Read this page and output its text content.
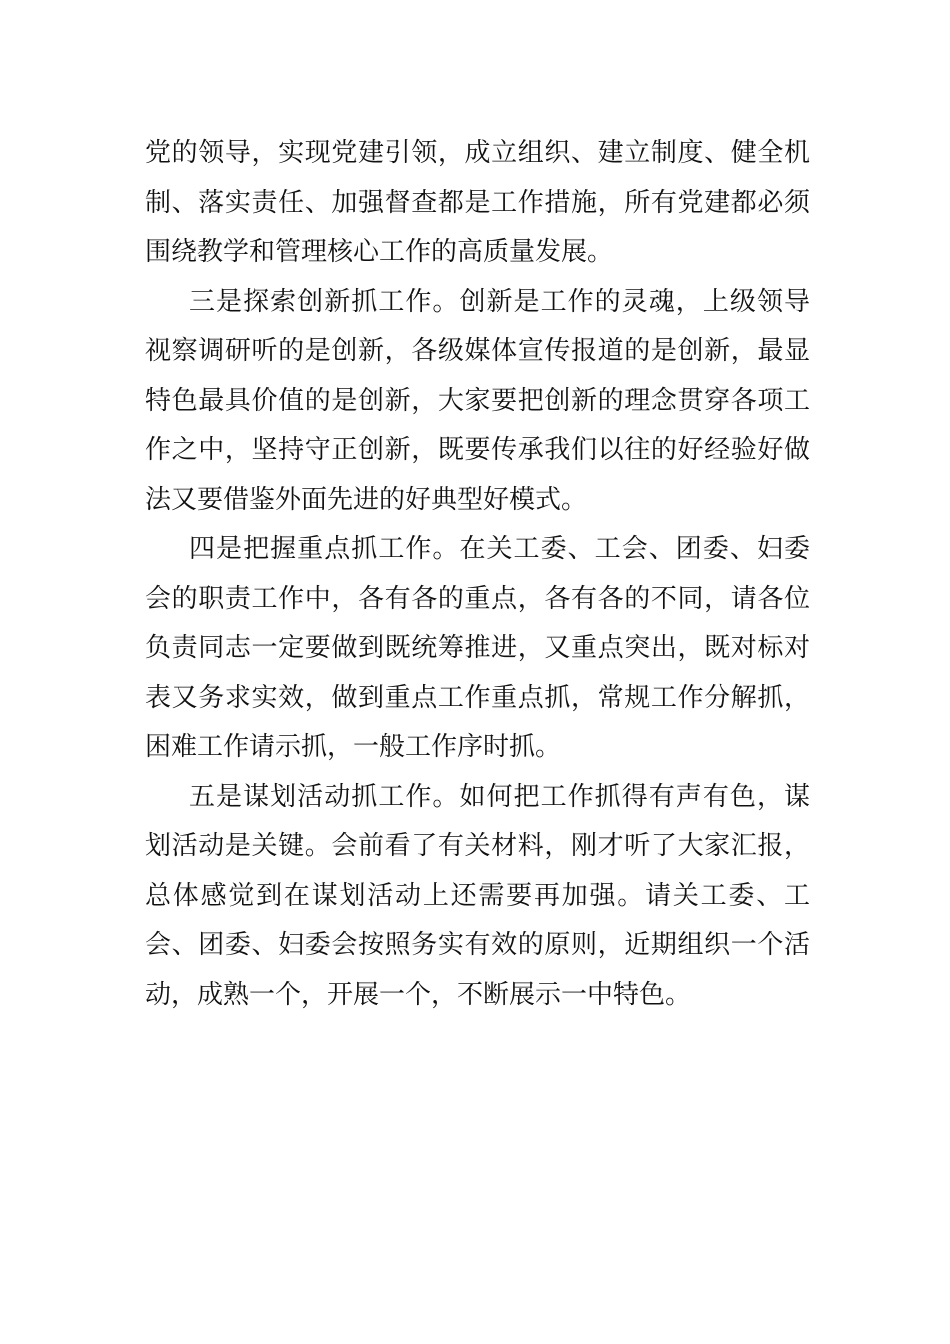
党的领导，实现党建引领，成立组织、建立制度、健全机制、落实责任、加强督查都是工作措施，所有党建都必须围绕教学和管理核心工作的高质量发展。

三是探索创新抓工作。创新是工作的灵魂，上级领导视察调研听的是创新，各级媒体宣传报道的是创新，最显特色最具价值的是创新，大家要把创新的理念贯穿各项工作之中，坚持守正创新，既要传承我们以往的好经验好做法又要借鉴外面先进的好典型好模式。

四是把握重点抓工作。在关工委、工会、团委、妇委会的职责工作中，各有各的重点，各有各的不同，请各位负责同志一定要做到既统筹推进，又重点突出，既对标对表又务求实效，做到重点工作重点抓，常规工作分解抓，困难工作请示抓，一般工作序时抓。

五是谋划活动抓工作。如何把工作抓得有声有色，谋划活动是关键。会前看了有关材料，刚才听了大家汇报，总体感觉到在谋划活动上还需要再加强。请关工委、工会、团委、妇委会按照务实有效的原则，近期组织一个活动，成熟一个，开展一个，不断展示一中特色。
